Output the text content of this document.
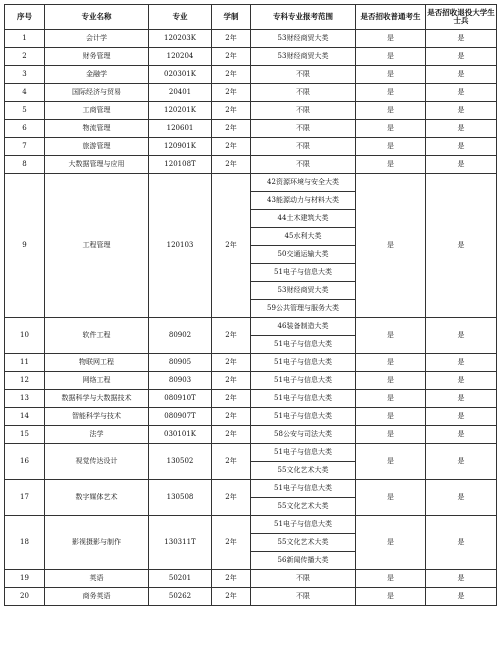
序号	专业名称	专业	学制	专科专业报考范围	是否招收普通考生	是否招收退役大学生士兵
1	会计学	120203K	2年	53财经商贸大类	是	是
2	财务管理	120204	2年	53财经商贸大类	是	是
3	金融学	020301K	2年	不限	是	是
4	国际经济与贸易	20401	2年	不限	是	是
5	工商管理	120201K	2年	不限	是	是
6	物流管理	120601	2年	不限	是	是
7	旅游管理	120901K	2年	不限	是	是
8	大数据管理与应用	120108T	2年	不限	是	是
9	工程管理	120103	2年	42资源环境与安全大类	是	是
				43能源动力与材料大类		
				44土木建筑大类		
				45水利大类		
				50交通运输大类		
				51电子与信息大类		
				53财经商贸大类		
				59公共管理与服务大类		
10	软件工程	80902	2年	46装备制造大类	是	是
				51电子与信息大类		
11	物联网工程	80905	2年	51电子与信息大类	是	是
12	网络工程	80903	2年	51电子与信息大类	是	是
13	数据科学与大数据技术	080910T	2年	51电子与信息大类	是	是
14	智能科学与技术	080907T	2年	51电子与信息大类	是	是
15	法学	030101K	2年	58公安与司法大类	是	是
16	视觉传达设计	130502	2年	51电子与信息大类	是	是
				55文化艺术大类		
17	数字媒体艺术	130508	2年	51电子与信息大类	是	是
				55文化艺术大类		
18	影视摄影与制作	130311T	2年	51电子与信息大类	是	是
				55文化艺术大类		
				56新闻传播大类		
19	英语	50201	2年	不限	是	是
20	商务英语	50262	2年	不限	是	是
